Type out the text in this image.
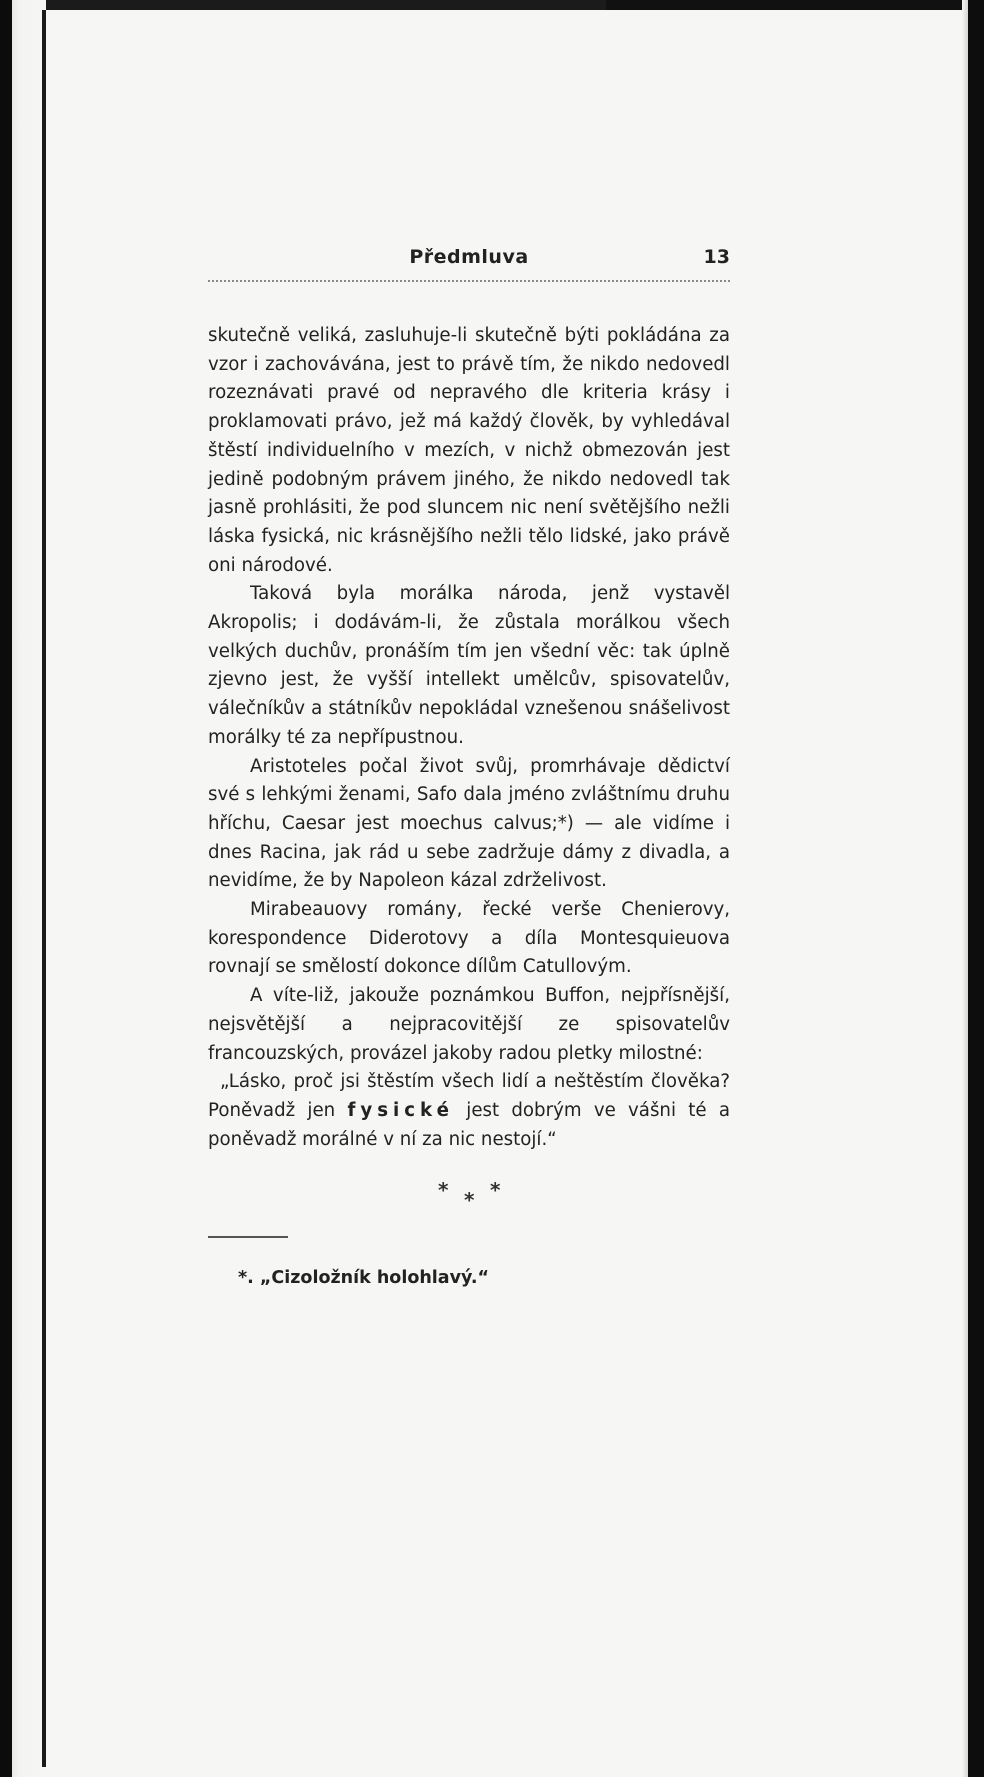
Předmluva	13

skutečně veliká, zasluhuje-li skutečně býti pokládána za vzor i zachovávána, jest to právě tím, že nikdo nedovedl rozeznávati pravé od nepravého dle kriteria krásy i proklamovati právo, jež má každý člověk, by vyhledával štěstí individuelního v mezích, v nichž obmezován jest jedině podobným právem jiného, že nikdo nedovedl tak jasně prohlásiti, že pod sluncem nic není světějšího nežli láska fysická, nic krásnějšího nežli tělo lidské, jako právě oni národové.

Taková byla morálka národa, jenž vystavěl Akropolis; i dodávám-li, že zůstala morálkou všech velkých duchův, pronáším tím jen všední věc: tak úplně zjevno jest, že vyšší intellekt umělcův, spisovatelův, válečníkův a státníkův nepokládal vznešenou snášelivost morálky té za nepřípustnou.

Aristoteles počal život svůj, promrhávaje dědictví své s lehkými ženami, Safo dala jméno zvláštnímu druhu hříchu, Caesar jest moechus calvus;*) — ale vidíme i dnes Racina, jak rád u sebe zadržuje dámy z divadla, a nevidíme, že by Napoleon kázal zdrželivost.

Mirabeauovy romány, řecké verše Chenierovy, korespondence Diderotovy a díla Montesquieuova rovnají se smělostí dokonce dílům Catullovým.

A víte-liž, jakouže poznámkou Buffon, nejpřísnější, nejsvětější a nejpracovitější ze spisovatelův francouzských, provázel jakoby radou pletky milostné:

„Lásko, proč jsi štěstím všech lidí a neštěstím člověka? Poněvadž jen fysické jest dobrým ve vášni té a poněvadž morálné v ní za nic nestojí.“

* * *
*. „Cizoložník holohlavý.“
